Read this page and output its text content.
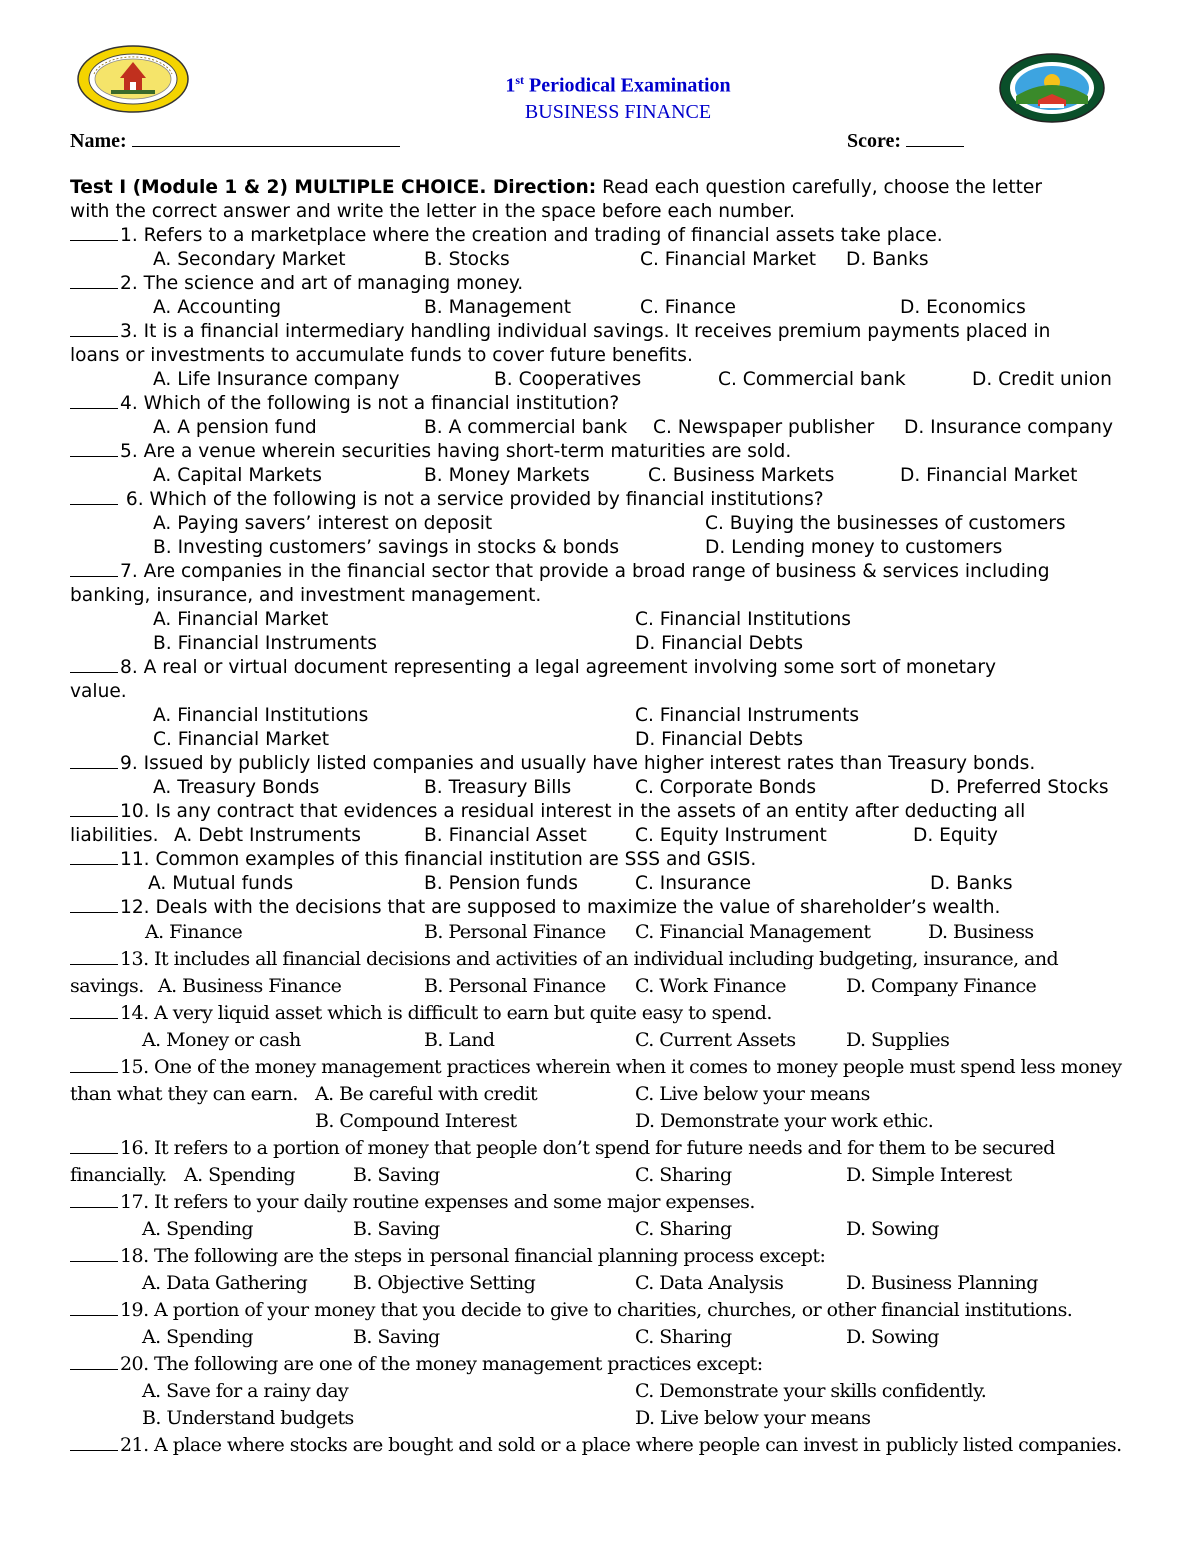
1st Periodical Examination
BUSINESS FINANCE
Name:	Score:
Test I (Module 1 & 2) MULTIPLE CHOICE. Direction: Read each question carefully, choose the letter
with the correct answer and write the letter in the space before each number.
1. Refers to a marketplace where the creation and trading of financial assets take place.
A. Secondary Market	B. Stocks	C. Financial Market D. Banks
2. The science and art of managing money.
A. Accounting	B. Management	C. Finance	D. Economics
3. It is a financial intermediary handling individual savings. It receives premium payments placed in
loans or investments to accumulate funds to cover future benefits.
A. Life Insurance company	B. Cooperatives	C. Commercial bank	D. Credit union
4. Which of the following is not a financial institution?
A. A pension fund	B. A commercial bank C. Newspaper publisher D. Insurance company
5. Are a venue wherein securities having short-term maturities are sold.
A. Capital Markets	B. Money Markets	C. Business Markets	D. Financial Market
6. Which of the following is not a service provided by financial institutions?
A. Paying savers’ interest on deposit	C. Buying the businesses of customers
B. Investing customers’ savings in stocks & bonds	D. Lending money to customers
7. Are companies in the financial sector that provide a broad range of business & services including
banking, insurance, and investment management.
A. Financial Market	C. Financial Institutions
B. Financial Instruments	D. Financial Debts
8. A real or virtual document representing a legal agreement involving some sort of monetary
value.
A. Financial Institutions	C. Financial Instruments
C. Financial Market	D. Financial Debts
9. Issued by publicly listed companies and usually have higher interest rates than Treasury bonds.
A. Treasury Bonds	B. Treasury Bills	C. Corporate Bonds	D. Preferred Stocks
10. Is any contract that evidences a residual interest in the assets of an entity after deducting all
liabilities. A. Debt Instruments	B. Financial Asset	C. Equity Instrument	D. Equity
11. Common examples of this financial institution are SSS and GSIS.
A. Mutual funds	B. Pension funds	C. Insurance	D. Banks
12. Deals with the decisions that are supposed to maximize the value of shareholder’s wealth.
A. Finance	B. Personal Finance C. Financial Management	D. Business
13. It includes all financial decisions and activities of an individual including budgeting, insurance, and
savings. A. Business Finance	B. Personal Finance C. Work Finance	D. Company Finance
14. A very liquid asset which is difficult to earn but quite easy to spend.
A. Money or cash	B. Land	C. Current Assets	D. Supplies
15. One of the money management practices wherein when it comes to money people must spend less money
than what they can earn. A. Be careful with credit	C. Live below your means
B. Compound Interest	D. Demonstrate your work ethic.
16. It refers to a portion of money that people don’t spend for future needs and for them to be secured
financially. A. Spending	B. Saving	C. Sharing	D. Simple Interest
17. It refers to your daily routine expenses and some major expenses.
A. Spending	B. Saving	C. Sharing	D. Sowing
18. The following are the steps in personal financial planning process except:
A. Data Gathering B. Objective Setting	C. Data Analysis	D. Business Planning
19. A portion of your money that you decide to give to charities, churches, or other financial institutions.
A. Spending	B. Saving	C. Sharing	D. Sowing
20. The following are one of the money management practices except:
A. Save for a rainy day	C. Demonstrate your skills confidently.
B. Understand budgets	D. Live below your means
21. A place where stocks are bought and sold or a place where people can invest in publicly listed companies.
